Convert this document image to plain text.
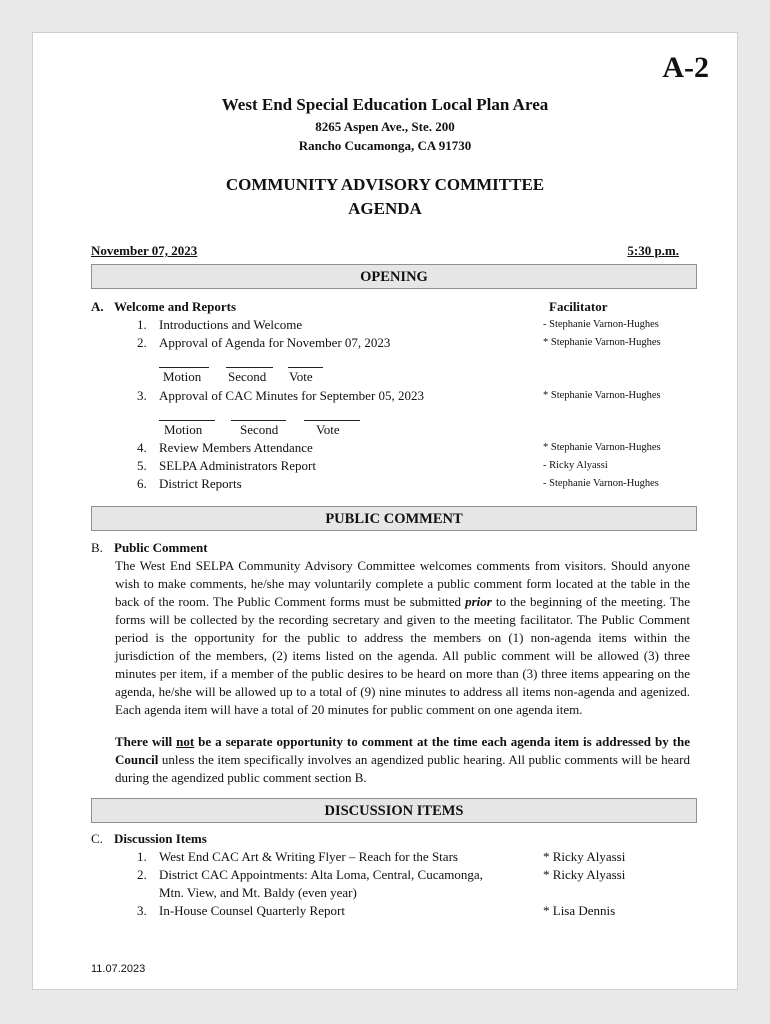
A-2
West End Special Education Local Plan Area
8265 Aspen Ave., Ste. 200
Rancho Cucamonga, CA 91730
COMMUNITY ADVISORY COMMITTEE
AGENDA
November 07, 2023	5:30 p.m.
OPENING
A. Welcome and Reports	Facilitator
1. Introductions and Welcome	- Stephanie Varnon-Hughes
2. Approval of Agenda for November 07, 2023	* Stephanie Varnon-Hughes
Motion Second Vote
3. Approval of CAC Minutes for September 05, 2023	* Stephanie Varnon-Hughes
Motion	Second	Vote
4. Review Members Attendance	* Stephanie Varnon-Hughes
5. SELPA Administrators Report	- Ricky Alyassi
6. District Reports	- Stephanie Varnon-Hughes
PUBLIC COMMENT
B. Public Comment
The West End SELPA Community Advisory Committee welcomes comments from visitors. Should anyone wish to make comments, he/she may voluntarily complete a public comment form located at the table in the back of the room. The Public Comment forms must be submitted prior to the beginning of the meeting. The forms will be collected by the recording secretary and given to the meeting facilitator. The Public Comment period is the opportunity for the public to address the members on (1) non-agenda items within the jurisdiction of the members, (2) items listed on the agenda. All public comment will be allowed (3) three minutes per item, if a member of the public desires to be heard on more than (3) three items appearing on the agenda, he/she will be allowed up to a total of (9) nine minutes to address all items non-agenda and agenized. Each agenda item will have a total of 20 minutes for public comment on one agenda item.
There will not be a separate opportunity to comment at the time each agenda item is addressed by the Council unless the item specifically involves an agendized public hearing. All public comments will be heard during the agendized public comment section B.
DISCUSSION ITEMS
C. Discussion Items
1. West End CAC Art & Writing Flyer – Reach for the Stars	* Ricky Alyassi
2. District CAC Appointments: Alta Loma, Central, Cucamonga,
Mtn. View, and Mt. Baldy (even year)
* Ricky Alyassi
3. In-House Counsel Quarterly Report	* Lisa Dennis
11.07.2023
